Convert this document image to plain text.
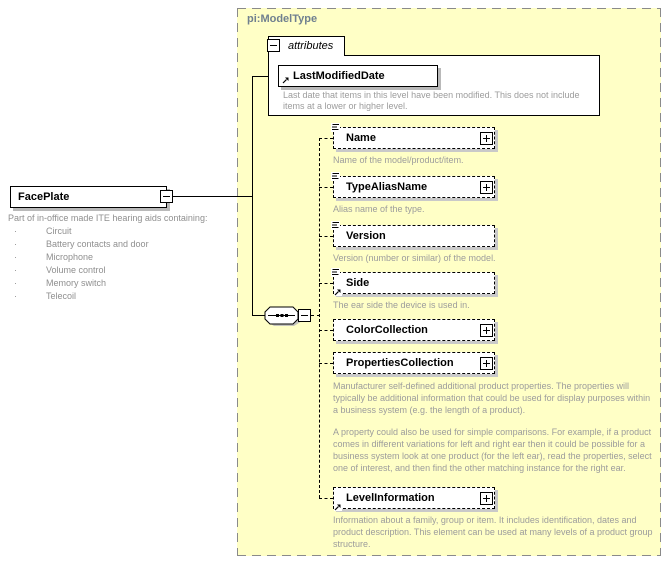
pi:ModelType
FacePlate
Part of in-office made ITE hearing aids containing:
·	Circuit
·	Battery contacts and door
·	Microphone
·	Volume control
·	Memory switch
·	Telecoil
attributes
LastModifiedDate
Last date that items in this level have been modified. This does not include items at a lower or higher level.
Name
Name of the model/product/item.
TypeAliasName
Alias name of the type.
Version
Version (number or similar) of the model.
Side
The ear side the device is used in.
ColorCollection
PropertiesCollection
Manufacturer self-defined additional product properties. The properties will typically be additional information that could be used for display purposes within a business system (e.g. the length of a product).
A property could also be used for simple comparisons. For example, if a product comes in different variations for left and right ear then it could be possible for a business system look at one product (for the left ear), read the properties, select one of interest, and then find the other matching instance for the right ear.
LevelInformation
Information about a family, group or item. It includes identification, dates and product description. This element can be used at many levels of a product group structure.
